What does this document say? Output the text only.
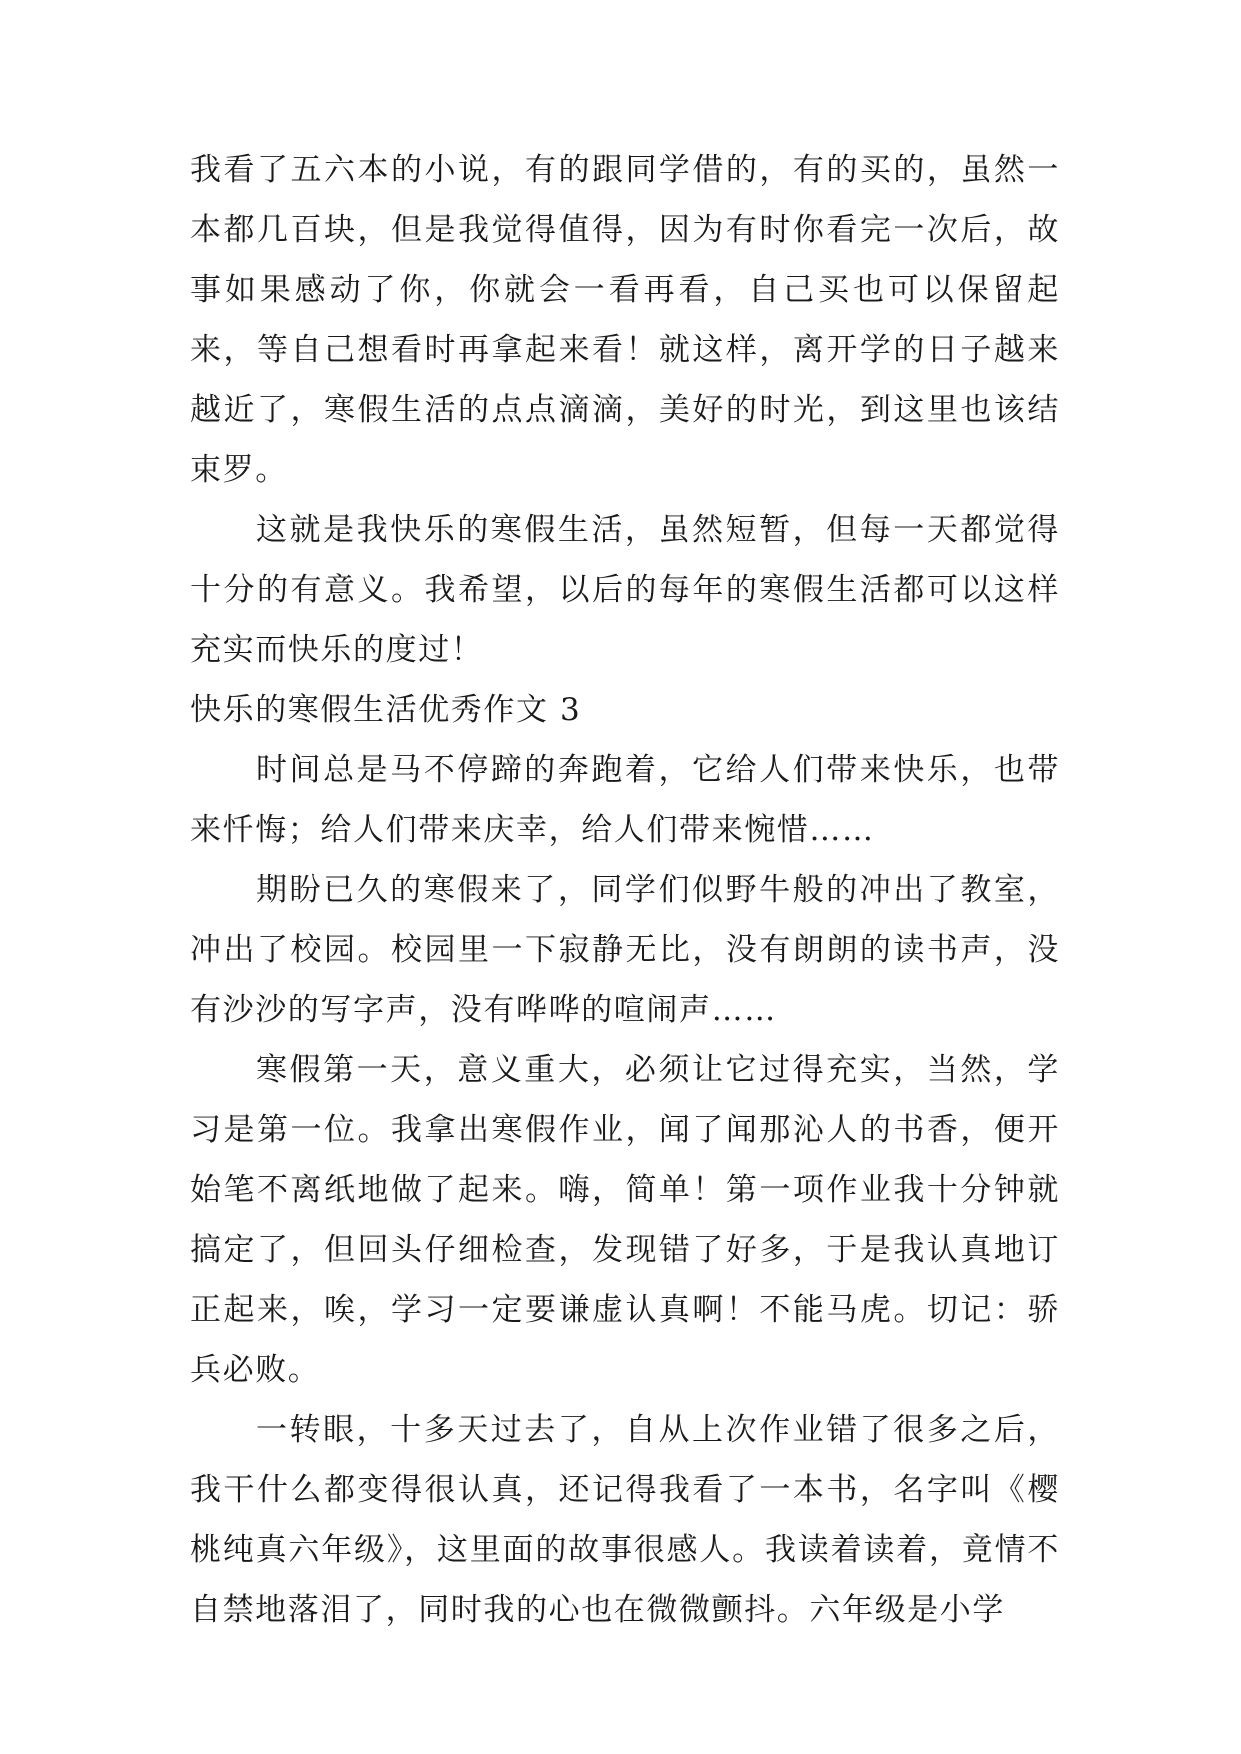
我看了五六本的小说，有的跟同学借的，有的买的，虽然一本都几百块，但是我觉得值得，因为有时你看完一次后，故事如果感动了你，你就会一看再看，自己买也可以保留起来，等自己想看时再拿起来看！就这样，离开学的日子越来越近了，寒假生活的点点滴滴，美好的时光，到这里也该结束罗。

这就是我快乐的寒假生活，虽然短暂，但每一天都觉得十分的有意义。我希望，以后的每年的寒假生活都可以这样充实而快乐的度过！

快乐的寒假生活优秀作文 3

时间总是马不停蹄的奔跑着，它给人们带来快乐，也带来忏悔；给人们带来庆幸，给人们带来惋惜……

期盼已久的寒假来了，同学们似野牛般的冲出了教室，冲出了校园。校园里一下寂静无比，没有朗朗的读书声，没有沙沙的写字声，没有哗哗的喧闹声……

寒假第一天，意义重大，必须让它过得充实，当然，学习是第一位。我拿出寒假作业，闻了闻那沁人的书香，便开始笔不离纸地做了起来。嗨，简单！第一项作业我十分钟就搞定了，但回头仔细检查，发现错了好多，于是我认真地订正起来，唉，学习一定要谦虚认真啊！不能马虎。切记：骄兵必败。

一转眼，十多天过去了，自从上次作业错了很多之后，我干什么都变得很认真，还记得我看了一本书，名字叫《樱桃纯真六年级》，这里面的故事很感人。我读着读着，竟情不自禁地落泪了，同时我的心也在微微颤抖。六年级是小学
